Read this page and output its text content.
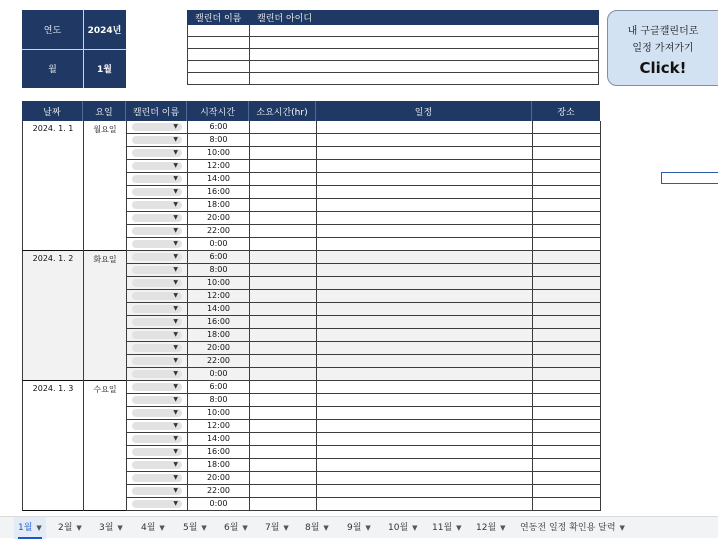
연도	2024년
월	1월
캘린더 이름	캘린더 아이디

내 구글캘린더로
일정 가져가기
Click!
날짜	요일	캘린더 이름	시작시간	소요시간(hr)	일정	장소
2024. 1. 1	월요일	▼	6:00
▼	8:00
▼	10:00
▼	12:00
▼	14:00
▼	16:00
▼	18:00
▼	20:00
▼	22:00
▼	0:00
2024. 1. 2	화요일	▼	6:00
▼	8:00
▼	10:00
▼	12:00
▼	14:00
▼	16:00
▼	18:00
▼	20:00
▼	22:00
▼	0:00
2024. 1. 3	수요일	▼	6:00
▼	8:00
▼	10:00
▼	12:00
▼	14:00
▼	16:00
▼	18:00
▼	20:00
▼	22:00
▼	0:00
1월 ▼	2월 ▼	3월 ▼	4월 ▼	5월 ▼	6월 ▼	7월 ▼	8월 ▼	9월 ▼	10월 ▼	11월 ▼	12월 ▼	연동전 일정 확인용 달력 ▼
